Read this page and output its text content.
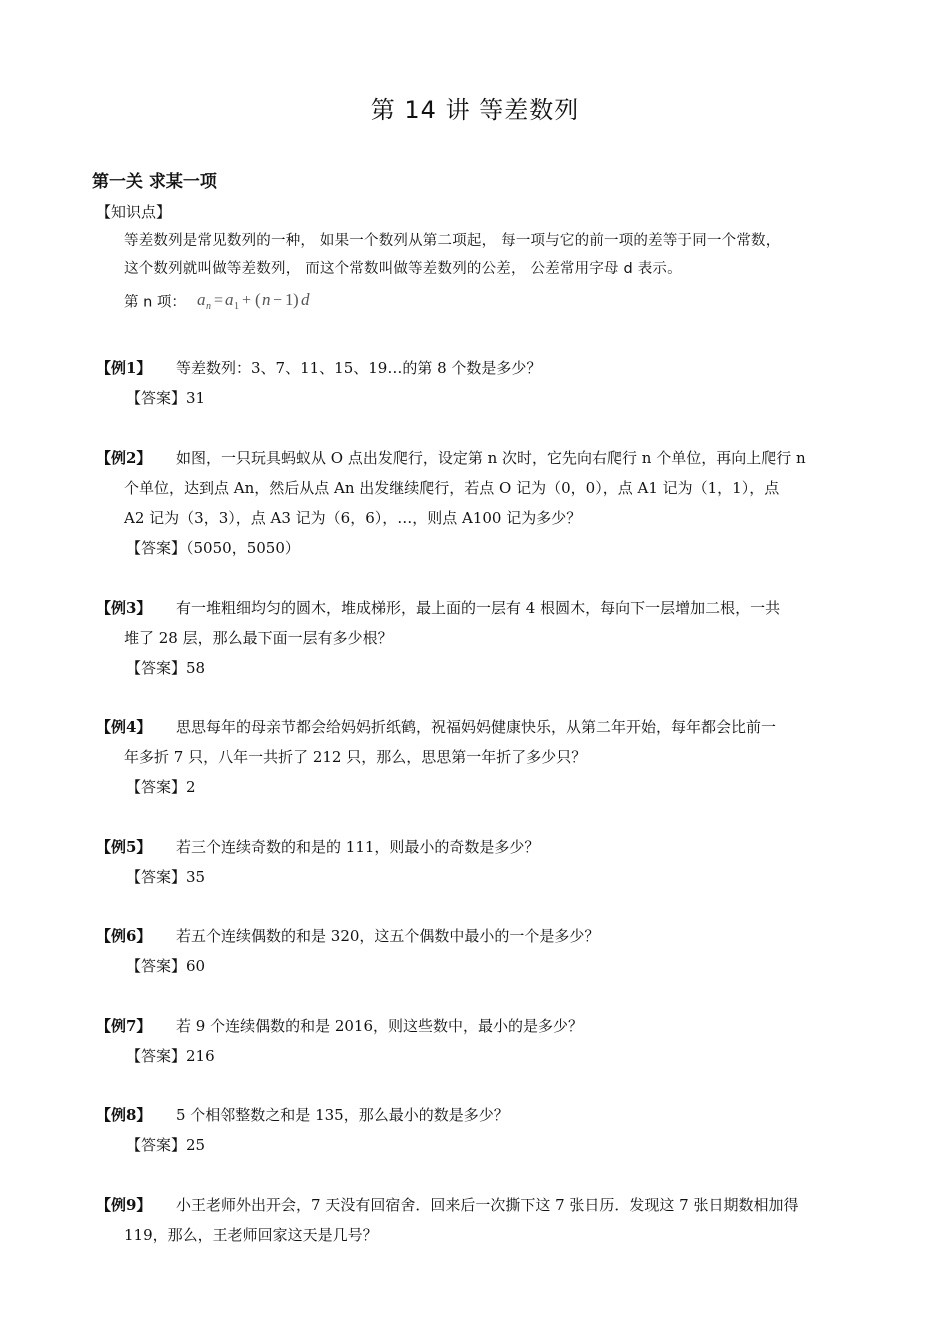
第 14 讲 等差数列
第一关 求某一项
【知识点】
等差数列是常见数列的一种， 如果一个数列从第二项起， 每一项与它的前一项的差等于同一个常数，
这个数列就叫做等差数列， 而这个常数叫做等差数列的公差， 公差常用字母 d 表示。
第 n 项： a n = a 1 + ( n − 1 ) d
【例1】 等差数列：3、7、11、15、19…的第 8 个数是多少？
【答案】31
【例2】 如图，一只玩具蚂蚁从 O 点出发爬行，设定第 n 次时，它先向右爬行 n 个单位，再向上爬行 n
个单位，达到点 An，然后从点 An 出发继续爬行，若点 O 记为（0，0），点 A1 记为（1，1），点
A2 记为（3，3），点 A3 记为（6，6），…，则点 A100 记为多少？
【答案】（5050，5050）
【例3】 有一堆粗细均匀的圆木，堆成梯形，最上面的一层有 4 根圆木，每向下一层增加二根，一共
堆了 28 层，那么最下面一层有多少根？
【答案】58
【例4】 思思每年的母亲节都会给妈妈折纸鹤，祝福妈妈健康快乐，从第二年开始，每年都会比前一
年多折 7 只，八年一共折了 212 只，那么，思思第一年折了多少只？
【答案】2
【例5】 若三个连续奇数的和是的 111，则最小的奇数是多少？
【答案】35
【例6】 若五个连续偶数的和是 320，这五个偶数中最小的一个是多少？
【答案】60
【例7】 若 9 个连续偶数的和是 2016，则这些数中，最小的是多少？
【答案】216
【例8】 5 个相邻整数之和是 135，那么最小的数是多少？
【答案】25
【例9】 小王老师外出开会，7 天没有回宿舍．回来后一次撕下这 7 张日历．发现这 7 张日期数相加得
119，那么，王老师回家这天是几号？
